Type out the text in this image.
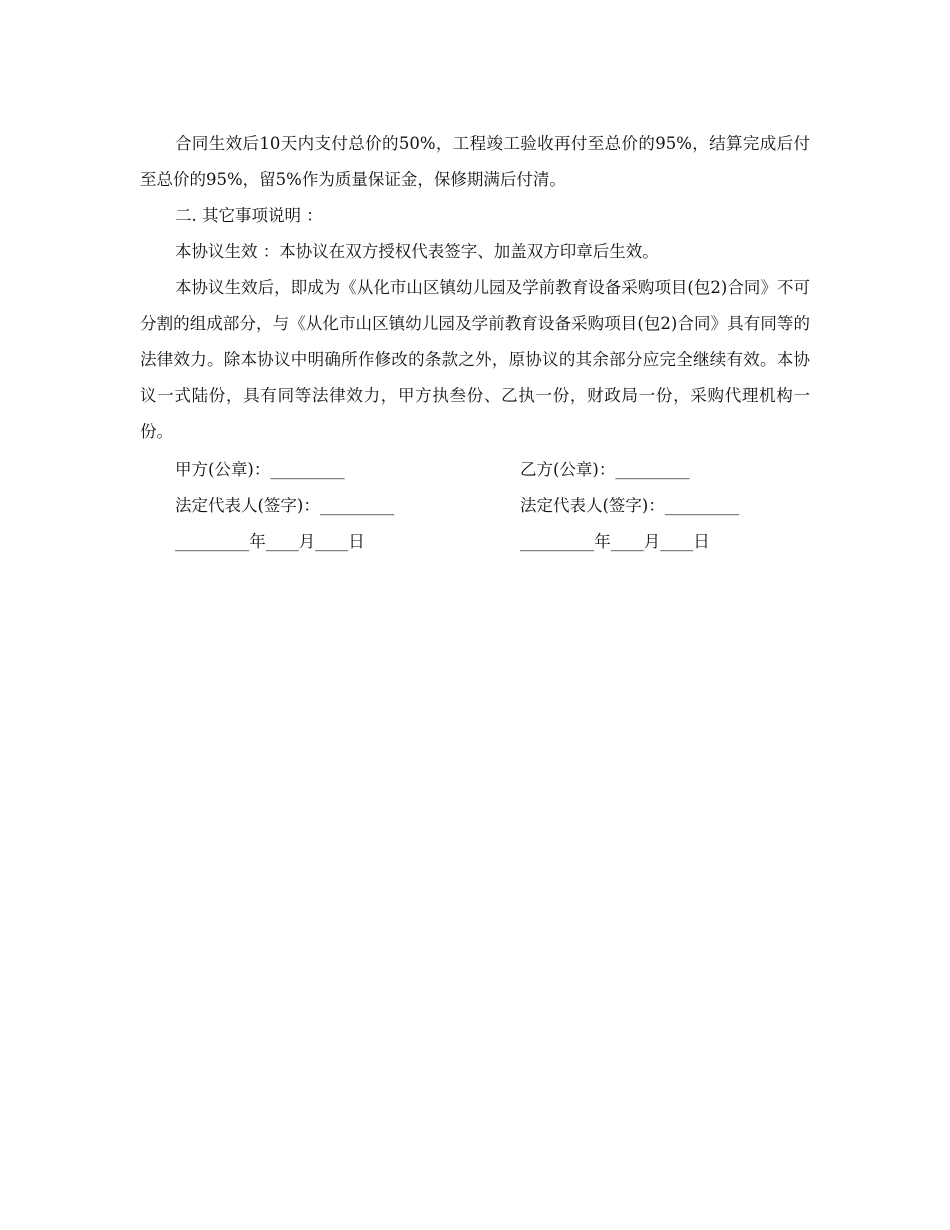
合同生效后10天内支付总价的50%，工程竣工验收再付至总价的95%，结算完成后付至总价的95%，留5%作为质量保证金，保修期满后付清。

二. 其它事项说明 ：

本协议生效 ：本协议在双方授权代表签字、加盖双方印章后生效。

本协议生效后，即成为《从化市山区镇幼儿园及学前教育设备采购项目(包2)合同》不可分割的组成部分，与《从化市山区镇幼儿园及学前教育设备采购项目(包2)合同》具有同等的法律效力。除本协议中明确所作修改的条款之外，原协议的其余部分应完全继续有效。本协议一式陆份，具有同等法律效力，甲方执叁份、乙执一份，财政局一份，采购代理机构一份。

甲方(公章)：_________	乙方(公章)：_________
法定代表人(签字)：_________	法定代表人(签字)：_________
_________年____月____日	_________年____月____日
